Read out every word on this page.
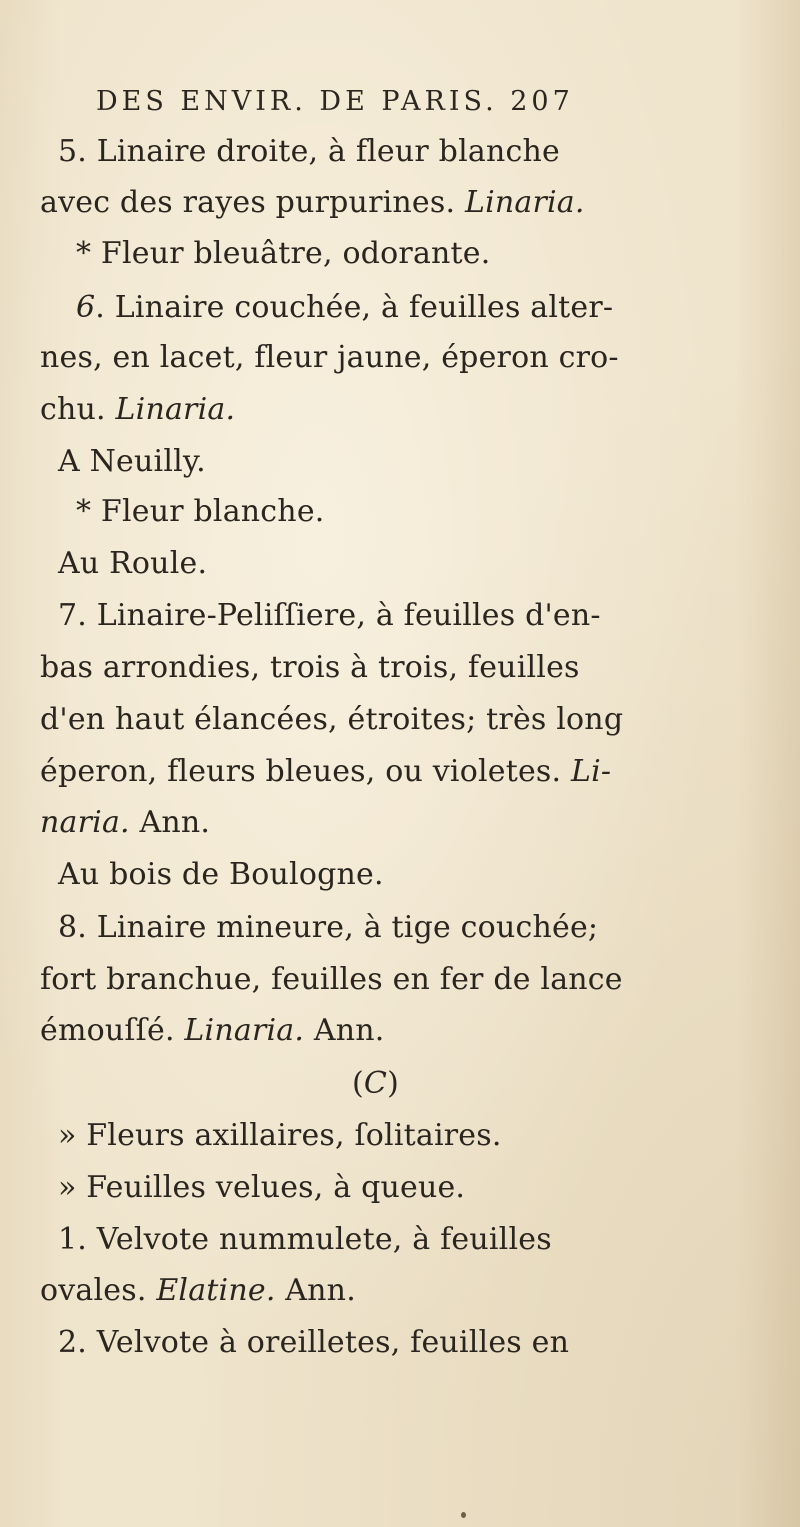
DES ENVIR. DE PARIS. 207
5. Linaire droite, à fleur blanche
avec des rayes purpurines. Linaria.
* Fleur bleuâtre, odorante.
6. Linaire couchée, à feuilles alter-
nes, en lacet, fleur jaune, éperon cro-
chu. Linaria.
A Neuilly.
* Fleur blanche.
Au Roule.
7. Linaire-Peliſſiere, à feuilles d'en-
bas arrondies, trois à trois, feuilles
d'en haut élancées, étroites; très long
éperon, fleurs bleues, ou violetes. Li-
naria. Ann.
Au bois de Boulogne.
8. Linaire mineure, à tige couchée;
fort branchue, feuilles en fer de lance
émouſſé. Linaria. Ann.
(C)
» Fleurs axillaires, ſolitaires.
» Feuilles velues, à queue.
1. Velvote nummulete, à feuilles
ovales. Elatine. Ann.
2. Velvote à oreilletes, feuilles en
